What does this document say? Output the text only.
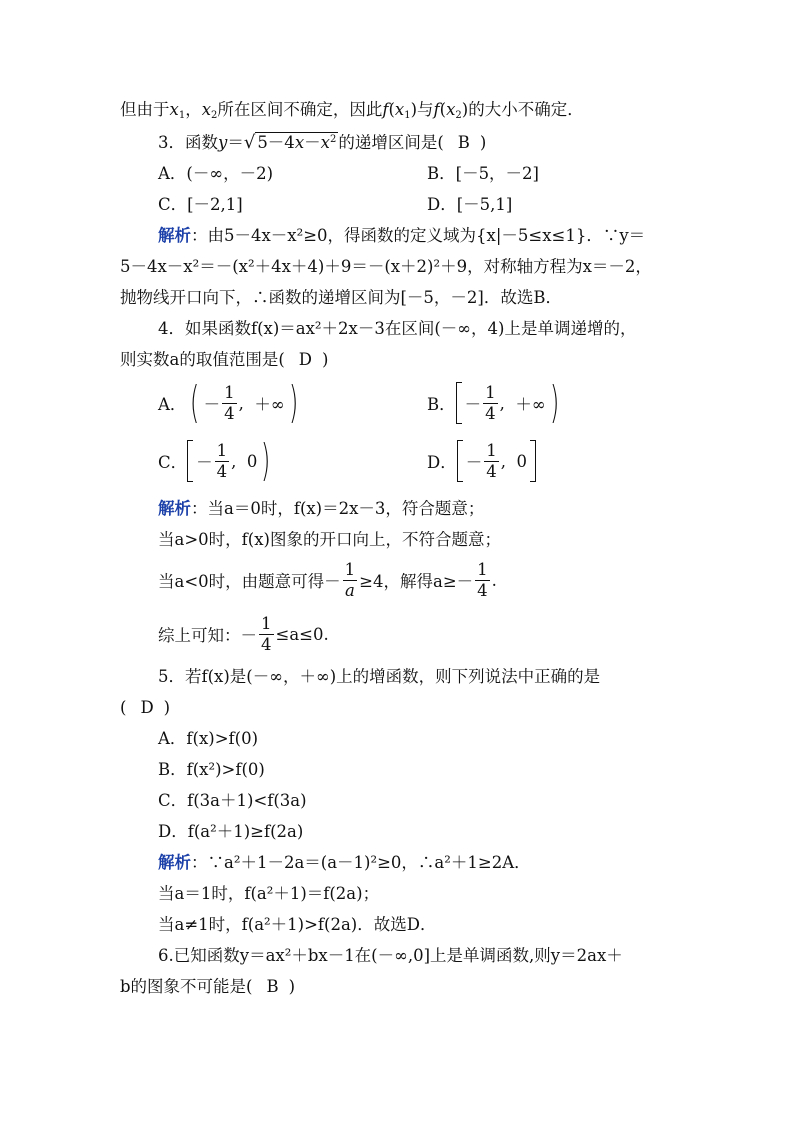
但由于$x_1$，$x_2$所在区间不确定，因此$f(x_1)$与$f(x_2)$的大小不确定．
3．函数y＝√ $5-4x-x^2$ 的递增区间是( B )
A．(－∞，－2)	B．[－5，－2]
C．[－2,1]	D．[－5,1]
解析：由5－4x－x²≥0，得函数的定义域为{x|－5≤x≤1}．∵y＝
5－4x－x²＝－(x²＋4x＋4)＋9＝－(x＋2)²＋9，对称轴方程为x＝－2，
抛物线开口向下，∴函数的递增区间为[－5，－2]．故选B．
4．如果函数f(x)＝ax²＋2x－3在区间(－∞，4)上是单调递增的，
则实数a的取值范围是( D )
A． ( － $\frac{1}{4}$ , ＋∞ )	B． － $\frac{1}{4}$ , ＋∞ )
C． － $\frac{1}{4}$ , 0 )	D． － $\frac{1}{4}$ , 0
解析：当a＝0时，f(x)＝2x－3，符合题意；
当a>0时，f(x)图象的开口向上，不符合题意；
当a<0时，由题意可得－ $\frac{1}{a} \ge 4$，解得$a\ge- \frac{1}{4}$ .
综上可知：－ $\frac{1}{4} \le a\le 0$.
5．若f(x)是(－∞，＋∞)上的增函数，则下列说法中正确的是
( D )
A．f(x)>f(0)
B．f(x²)>f(0)
C．f(3a＋1)<f(3a)
D．f(a²＋1)≥f(2a)
解析：∵a²＋1－2a＝(a－1)²≥0，∴a²＋1≥2A．
当a＝1时，f(a²＋1)＝f(2a)；
当a≠1时，f(a²＋1)>f(2a)．故选D．
6.已知函数y＝ax²＋bx－1在(－∞,0]上是单调函数,则y＝2ax＋
b的图象不可能是( B )
